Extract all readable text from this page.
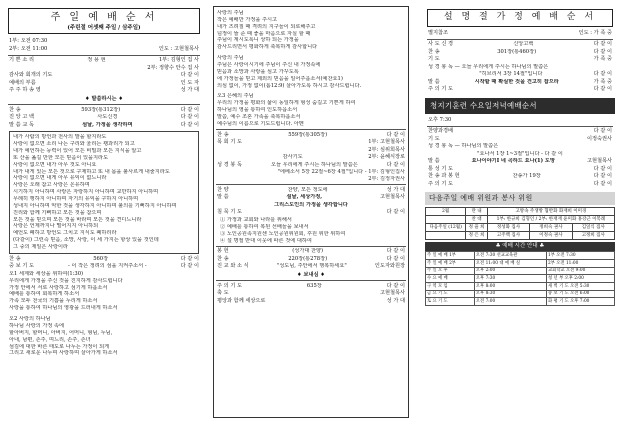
주 일 예 배 순 서
(주린절 어셋째 주일 / 삼주일)
1부: 오전 07:30
2부: 오전 11:00	인도 : 고현철목사
기 쁜 소 리	정 용 현	1부: 김형인 집 사
2부: 정향수 안수 집 사
감사와 회개의 기도	다 같 이
예배의 부름	인 도 자
주 주 하 송 영	성 가 대
♦ 말씀하시는 ♦
찬 송	593장(통312장)	다 같 이
진 앙 고 백	사도신경	다 같 이
말 씀 교 독	섬날, 가정을 생각하며	다 같 이
내가 사람의 방언과 천사의 말을 할지라도
사랑이 없으면 소리 나는 구리와 울리는 꽹과리가 되고
내가 예언하는 능력이 있어 모든 비밀과 모든 지식을 알고
또 산을 옮길 만한 모든 믿음이 있을지라도
사랑이 없으면 내가 아무 것도 아니요
내가 내게 있는 모든 것으로 구제하고 또 내 몸을 불사르게 내줄지라도
사랑이 없으면 내게 아무 유익이 없느니라
사랑은 오래 참고 사랑은 온유하며
시기하지 아니하며 사랑은 자랑하지 아니하며 교만하지 아니하며
무례히 행하지 아니하며 자기의 유익을 구하지 아니하며
성내지 아니하며 악한 것을 생각하지 아니하며 불의를 기뻐하지 아니하며
진리와 함께 기뻐하고 모든 것을 참으며
모든 것을 믿으며 모든 것을 바라며 모든 것을 견디느니라
사랑은 언제까지나 떨어지지 아니하되
예언도 폐하고 방언도 그치고 지식도 폐하리라
(다같이) 그런즉 믿음, 소망, 사랑, 이 세 가지는 항상 있을 것인데
그 중의 제일은 사랑이라
찬 송	560장	다 같 이
중 보 기 도	- 이 작은 정려의 섬을 지켜주소서 -	다 같 이
오1 세계와 세상을 위하여(1:30)
우리에게 가정을 주신 것을 진지하게 감사드립니다
가정 안에서 서로 사랑하고 섬기게 하옵소서
예배를 통하여 회복하게 하소서
가족 모두 천국의 기쁨을 누리게 하소서
사랑을 통하여 하나님의 영광을 드러내게 하소서
오2 사랑의 하나님
하나님 사랑의 가정 속에
할아버지, 할머니, 아버지, 어머니, 형님, 누님,
아내, 남편, 손주, 며느리, 손주, 손녀
섬김에 대한 바른 태도로 나누는 가정이 되게
그리고 새로운 나누며 사랑하며 살아가게 하소서
사랑의 주님
작은 예배만 가정을 주시고
내가 즈려질 때 격려의 지구들이 되로해주고
넘정이 뜰 준 때 좋을 마음으로 자실 할 때
주님이 계시도록니 상하 되는 가정을
감사드리면서 평화하게 축복하게 감사합니다
사랑의 주님
주님은 사랑이시기에 주님이 주신 내 가정속에
믿음과 소망과 사랑을 심고 가꾸도록
에 가정들을 믿고 제외의 믿음을 일어주옵소서(예찬요1)
의심 없이, 가정 없이(롬12:9) 살아가도록 하시고 감사드립니다.
오3 은혜의 주님
우리의 가정을 평화의 삶이 동일하게 형성 숨길고 기쁜게 하여
하나님의 영을 통하여 인도하옵소서
말씀, 예수 조혼 가족을 축복하옵소서
예수님의 이름으로 기도드립니다. 아멘
찬 송	559장(통305장)	다 같 이
목 회 기 도	1부: 고현철목사
2부: 심위희목사
감사기도	2부: 윤혜식장로
성 경 봉 독	오늘 우리에게 주시는 하나님의 말씀은	다 같 이
"에베소서 5장 22절~6장 4절"입니다 - 1부: 김형인집사
2부: 김정자권사
찬 양	찬양, 모든 정도에	성 가 대
말 씀	설날, 세상가정,	고현철목사
그리스도인의 가정을 생각합니다
침 묵 기 도	다 같 이
① 가정과 교회와 나라를 위해서
② 예배를 통하여 복된 선배들을 보내서
③ 노인공원족지원센 노인공원위원회, 후원 위한 위하여
④ 설 명절 반대 이웃에 따른 것에 대하여
봉 헌	(성가대 찬양)	다 같 이
찬 송	220장(통278장)	다 같 이
진 교 와 소 식	"성도님, 주안에서 행복하세요"	인도자와원장
♦ 보내심 ♦
주 의 기 도	635장	다 같 이
축 도	고현철목사
평앙과 함께 세상으로	성 가 대
설 명 절 가 정 예 배 순 서
별지참조	인도 : 가 족 중
사 도 신 경	신앙고백	다 같 이
찬 송	301장(통460장)	다 같 이
기 도	가 족 중
성 경 봉 독 — 오늘 우리에게 주시는 하나님의 말씀은
"히브리서 3장 14절"입니다	다 같 이
말 씀	시작할 때 확실한 것을 견고히 잡으라	가 족 중
주 의 기 도	다 같 이
청지기훈련 수요일저녁예배순서
오후 7:30
찬양과경배	다 같 이
기 도	이정숙권사
성 경 봉 독 — 하나님의 말씀은
"요나서 1장 1~3절"입니다 - 다 같 이
말 씀	요나이야기Ⅰ 네 곡하드 요나(1) 도망	고현철목사
통 성 기 도	다 같 이
찬 송 과 봉 헌	찬송가 19장	다 같 이
주 의 기 도	다 같 이
다음주일 예배 위원과 봉사 위원
2월	란 내	고방속 주생방 협반화 화재희 이미경		
	찬 대	1부: 한규희 김형인 / 2부: 한재재 윤미화 홍강근 이복례		
다음주일 (12월)	정 율 희	정성화 집사	정희숙 권사	김일식 집사
	정 은 희	고주백 집사	이정숙 권사	고정희 집사
♣ 예배 시간 안내 ♣
주 일 예 배 1부	오전 7:30 선교교육관	1부 오전 7:30
주 일 예 배 2부	오전 11:00 대 예 배 실	2부 오전 11:00
주 일 오 후	오후 2:00	교회학교 오전 9:00
수 요 예 배	오후 7:30	청 년 부 오후 2:00
구 역 모 임	오후 8:00	새 벽 기 도 오전 5:30
금 요 기 도	오후 8:30	중 보 기 도 오전 6:00
토 요 기 도	오전 7:00	화 평 기 도 오후 7:00
